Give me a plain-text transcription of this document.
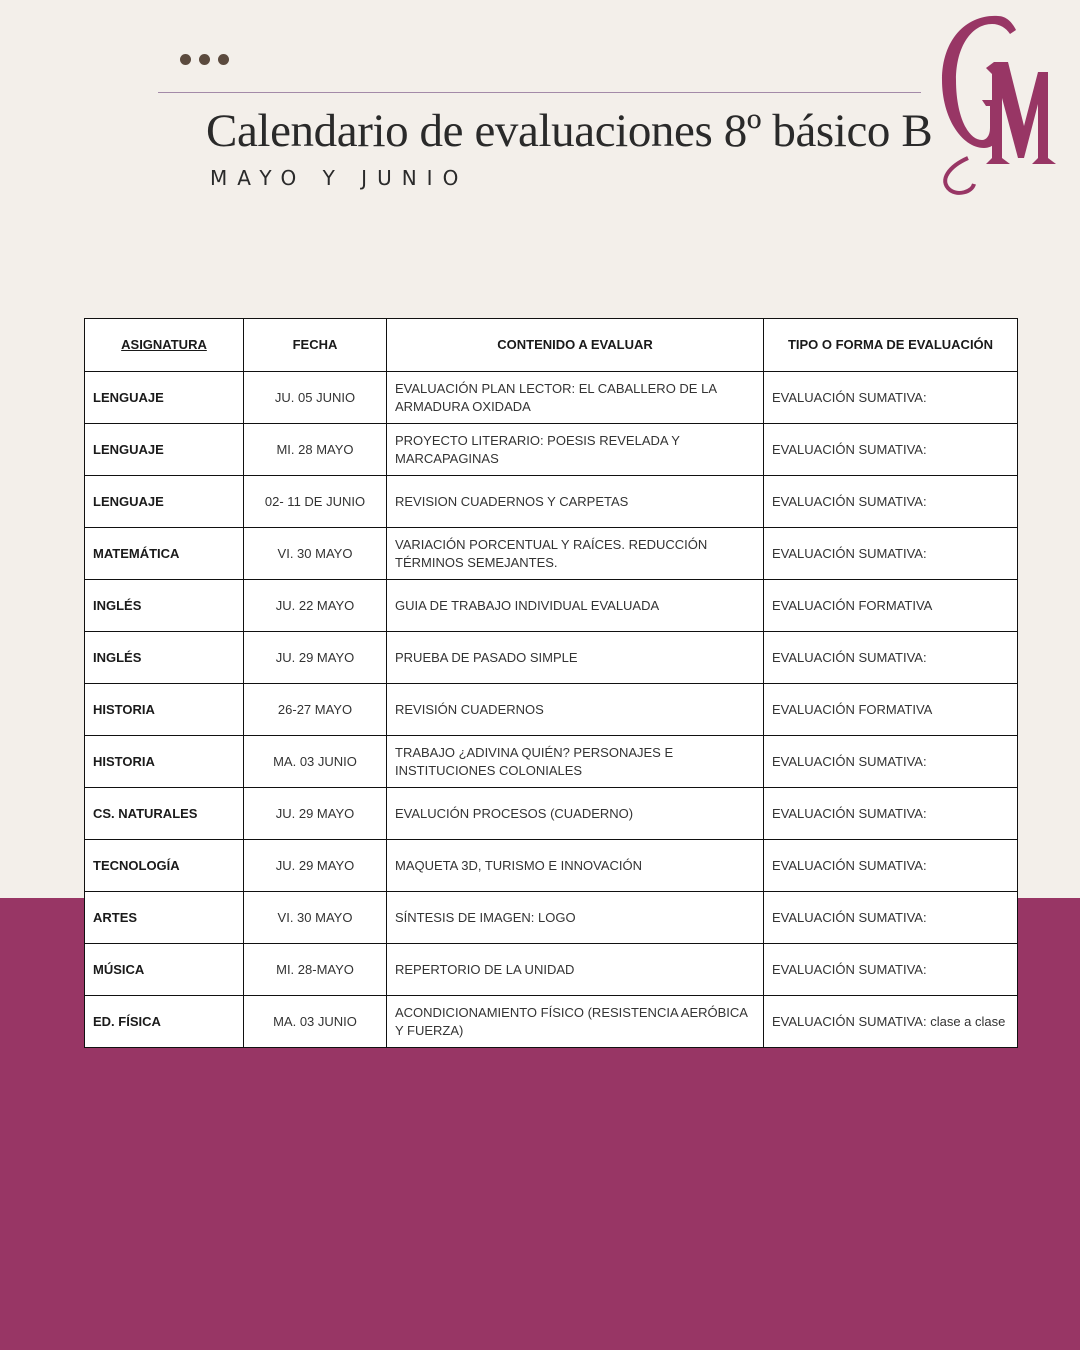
Calendario de evaluaciones 8º básico B
MAYO Y JUNIO
ASIGNATURA	FECHA	CONTENIDO A EVALUAR	TIPO O FORMA DE EVALUACIÓN
LENGUAJE	JU. 05 JUNIO	EVALUACIÓN PLAN LECTOR: EL CABALLERO DE LA ARMADURA OXIDADA	EVALUACIÓN SUMATIVA:
LENGUAJE	MI. 28 MAYO	PROYECTO LITERARIO: POESIS REVELADA Y MARCAPAGINAS	EVALUACIÓN SUMATIVA:
LENGUAJE	02- 11 DE JUNIO	REVISION CUADERNOS Y CARPETAS	EVALUACIÓN SUMATIVA:
MATEMÁTICA	VI. 30 MAYO	VARIACIÓN PORCENTUAL Y RAÍCES. REDUCCIÓN TÉRMINOS SEMEJANTES.	EVALUACIÓN SUMATIVA:
INGLÉS	JU. 22 MAYO	GUIA DE TRABAJO INDIVIDUAL EVALUADA	EVALUACIÓN FORMATIVA
INGLÉS	JU. 29 MAYO	PRUEBA DE PASADO SIMPLE	EVALUACIÓN SUMATIVA:
HISTORIA	26-27 MAYO	REVISIÓN CUADERNOS	EVALUACIÓN FORMATIVA
HISTORIA	MA. 03 JUNIO	TRABAJO ¿ADIVINA QUIÉN? PERSONAJES E INSTITUCIONES COLONIALES	EVALUACIÓN SUMATIVA:
CS. NATURALES	JU. 29 MAYO	EVALUCIÓN PROCESOS (CUADERNO)	EVALUACIÓN SUMATIVA:
TECNOLOGÍA	JU. 29 MAYO	MAQUETA 3D, TURISMO E INNOVACIÓN	EVALUACIÓN SUMATIVA:
ARTES	VI. 30 MAYO	SÍNTESIS DE IMAGEN: LOGO	EVALUACIÓN SUMATIVA:
MÚSICA	MI. 28-MAYO	REPERTORIO DE LA UNIDAD	EVALUACIÓN SUMATIVA:
ED. FÍSICA	MA. 03 JUNIO	ACONDICIONAMIENTO FÍSICO (RESISTENCIA AERÓBICA Y FUERZA)	EVALUACIÓN SUMATIVA: clase a clase
